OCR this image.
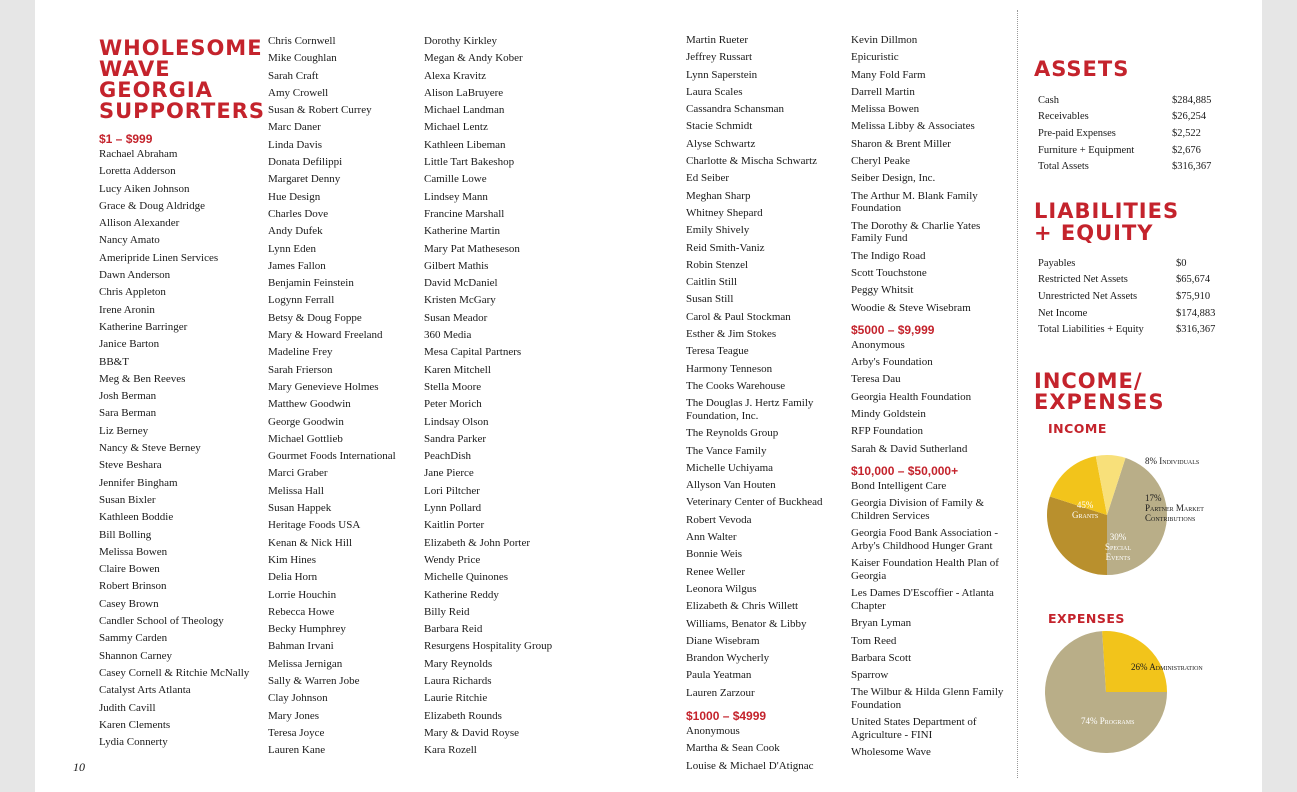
WHOLESOME
WAVE
GEORGIA
SUPPORTERS
$1 – $999
Rachael Abraham
Loretta Adderson
Lucy Aiken Johnson
Grace & Doug Aldridge
Allison Alexander
Nancy Amato
Ameripride Linen Services
Dawn Anderson
Chris Appleton
Irene Aronin
Katherine Barringer
Janice Barton
BB&T
Meg & Ben Reeves
Josh Berman
Sara Berman
Liz Berney
Nancy & Steve Berney
Steve Beshara
Jennifer Bingham
Susan Bixler
Kathleen Boddie
Bill Bolling
Melissa Bowen
Claire Bowen
Robert Brinson
Casey Brown
Candler School of Theology
Sammy Carden
Shannon Carney
Casey Cornell & Ritchie McNally
Catalyst Arts Atlanta
Judith Cavill
Karen Clements
Lydia Connerty
Chris Cornwell
Mike Coughlan
Sarah Craft
Amy Crowell
Susan & Robert Currey
Marc Daner
Linda Davis
Donata Defilippi
Margaret Denny
Hue Design
Charles Dove
Andy Dufek
Lynn Eden
James Fallon
Benjamin Feinstein
Logynn Ferrall
Betsy & Doug Foppe
Mary & Howard Freeland
Madeline Frey
Sarah Frierson
Mary Genevieve Holmes
Matthew Goodwin
George Goodwin
Michael Gottlieb
Gourmet Foods International
Marci Graber
Melissa Hall
Susan Happek
Heritage Foods USA
Kenan & Nick Hill
Kim Hines
Delia Horn
Lorrie Houchin
Rebecca Howe
Becky Humphrey
Bahman Irvani
Melissa Jernigan
Sally & Warren Jobe
Clay Johnson
Mary Jones
Teresa Joyce
Lauren Kane
Dorothy Kirkley
Megan & Andy Kober
Alexa Kravitz
Alison LaBruyere
Michael Landman
Michael Lentz
Kathleen Libeman
Little Tart Bakeshop
Camille Lowe
Lindsey Mann
Francine Marshall
Katherine Martin
Mary Pat Matheseson
Gilbert Mathis
David McDaniel
Kristen McGary
Susan Meador
360 Media
Mesa Capital Partners
Karen Mitchell
Stella Moore
Peter Morich
Lindsay Olson
Sandra Parker
PeachDish
Jane Pierce
Lori Piltcher
Lynn Pollard
Kaitlin Porter
Elizabeth & John Porter
Wendy Price
Michelle Quinones
Katherine Reddy
Billy Reid
Barbara Reid
Resurgens Hospitality Group
Mary Reynolds
Laura Richards
Laurie Ritchie
Elizabeth Rounds
Mary & David Royse
Kara Rozell
Martin Rueter
Jeffrey Russart
Lynn Saperstein
Laura Scales
Cassandra Schansman
Stacie Schmidt
Alyse Schwartz
Charlotte & Mischa Schwartz
Ed Seiber
Meghan Sharp
Whitney Shepard
Emily Shively
Reid Smith-Vaniz
Robin Stenzel
Caitlin Still
Susan Still
Carol & Paul Stockman
Esther & Jim Stokes
Teresa Teague
Harmony Tenneson
The Cooks Warehouse
The Douglas J. Hertz Family Foundation, Inc.
The Reynolds Group
The Vance Family
Michelle Uchiyama
Allyson Van Houten
Veterinary Center of Buckhead
Robert Vevoda
Ann Walter
Bonnie Weis
Renee Weller
Leonora Wilgus
Elizabeth & Chris Willett
Williams, Benator & Libby
Diane Wisebram
Brandon Wycherly
Paula Yeatman
Lauren Zarzour
$1000 – $4999
Anonymous
Martha & Sean Cook
Louise & Michael D'Atignac
Kevin Dillmon
Epicuristic
Many Fold Farm
Darrell Martin
Melissa Bowen
Melissa Libby & Associates
Sharon & Brent Miller
Cheryl Peake
Seiber Design, Inc.
The Arthur M. Blank Family Foundation
The Dorothy & Charlie Yates Family Fund
The Indigo Road
Scott Touchstone
Peggy Whitsit
Woodie & Steve Wisebram
$5000 – $9,999
Anonymous
Arby's Foundation
Teresa Dau
Georgia Health Foundation
Mindy Goldstein
RFP Foundation
Sarah & David Sutherland
$10,000 – $50,000+
Bond Intelligent Care
Georgia Division of Family & Children Services
Georgia Food Bank Association - Arby's Childhood Hunger Grant
Kaiser Foundation Health Plan of Georgia
Les Dames D'Escoffier - Atlanta Chapter
Bryan Lyman
Tom Reed
Barbara Scott
Sparrow
The Wilbur & Hilda Glenn Family Foundation
United States Department of Agriculture - FINI
Wholesome Wave
ASSETS
Cash	$284,885
Receivables	$26,254
Pre-paid Expenses	$2,522
Furniture + Equipment	$2,676
Total Assets	$316,367
LIABILITIES
+ EQUITY
Payables	$0
Restricted Net Assets	$65,674
Unrestricted Net Assets	$75,910
Net Income	$174,883
Total Liabilities + Equity	$316,367
INCOME/
EXPENSES
INCOME
45%
Grants
30%
Special
Events
17%
Partner Market
Contributions
8% Individuals
EXPENSES
26% Administration
74% Programs
10
